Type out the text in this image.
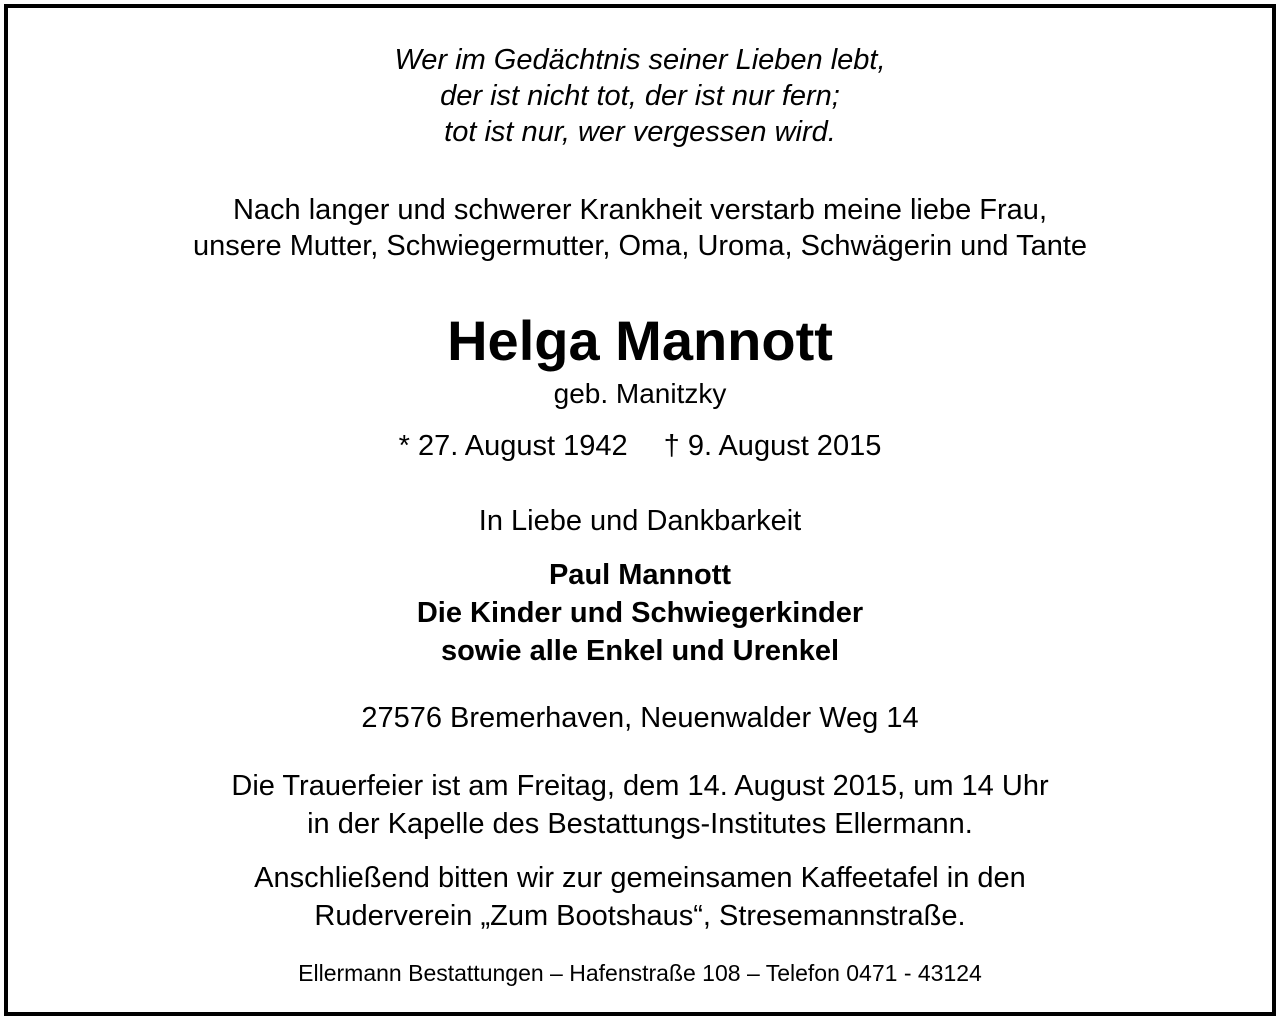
Wer im Gedächtnis seiner Lieben lebt,
der ist nicht tot, der ist nur fern;
tot ist nur, wer vergessen wird.
Nach langer und schwerer Krankheit verstarb meine liebe Frau,
unsere Mutter, Schwiegermutter, Oma, Uroma, Schwägerin und Tante
Helga Mannott
geb. Manitzky
* 27. August 1942 † 9. August 2015
In Liebe und Dankbarkeit
Paul Mannott
Die Kinder und Schwiegerkinder
sowie alle Enkel und Urenkel
27576 Bremerhaven, Neuenwalder Weg 14
Die Trauerfeier ist am Freitag, dem 14. August 2015, um 14 Uhr
in der Kapelle des Bestattungs-Institutes Ellermann.
Anschließend bitten wir zur gemeinsamen Kaffeetafel in den
Ruderverein „Zum Bootshaus“, Stresemannstraße.
Ellermann Bestattungen – Hafenstraße 108 – Telefon 0471 - 43124
